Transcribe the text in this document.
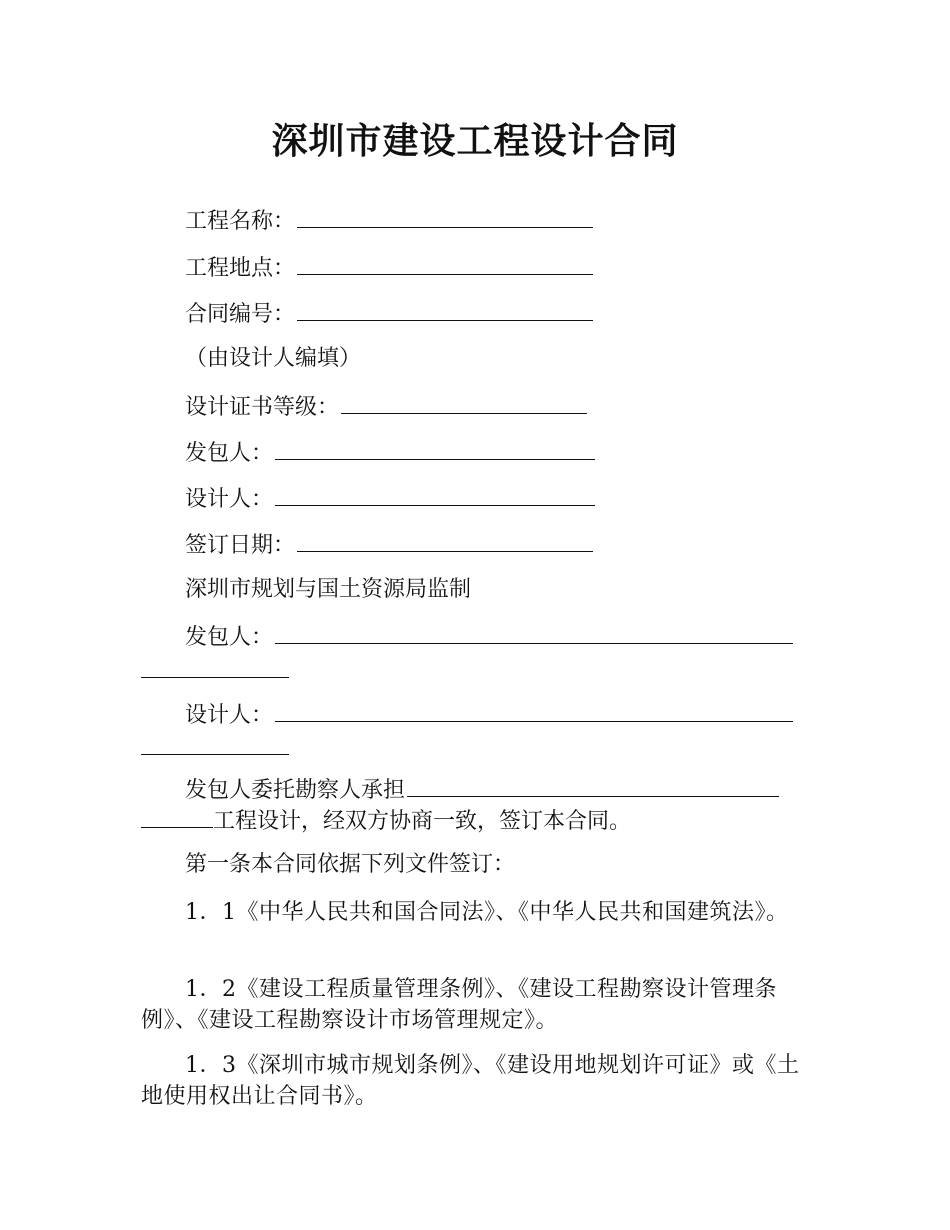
深圳市建设工程设计合同
工程名称：
工程地点：
合同编号：
（由设计人编填）
设计证书等级：
发包人：
设计人：
签订日期：
深圳市规划与国土资源局监制
发包人：
设计人：
发包人委托勘察人承担
工程设计，经双方协商一致，签订本合同。
第一条本合同依据下列文件签订：
1．1《中华人民共和国合同法》、《中华人民共和国建筑法》。
1．2《建设工程质量管理条例》、《建设工程勘察设计管理条例》、《建设工程勘察设计市场管理规定》。
1．3《深圳市城市规划条例》、《建设用地规划许可证》或《土地使用权出让合同书》。
